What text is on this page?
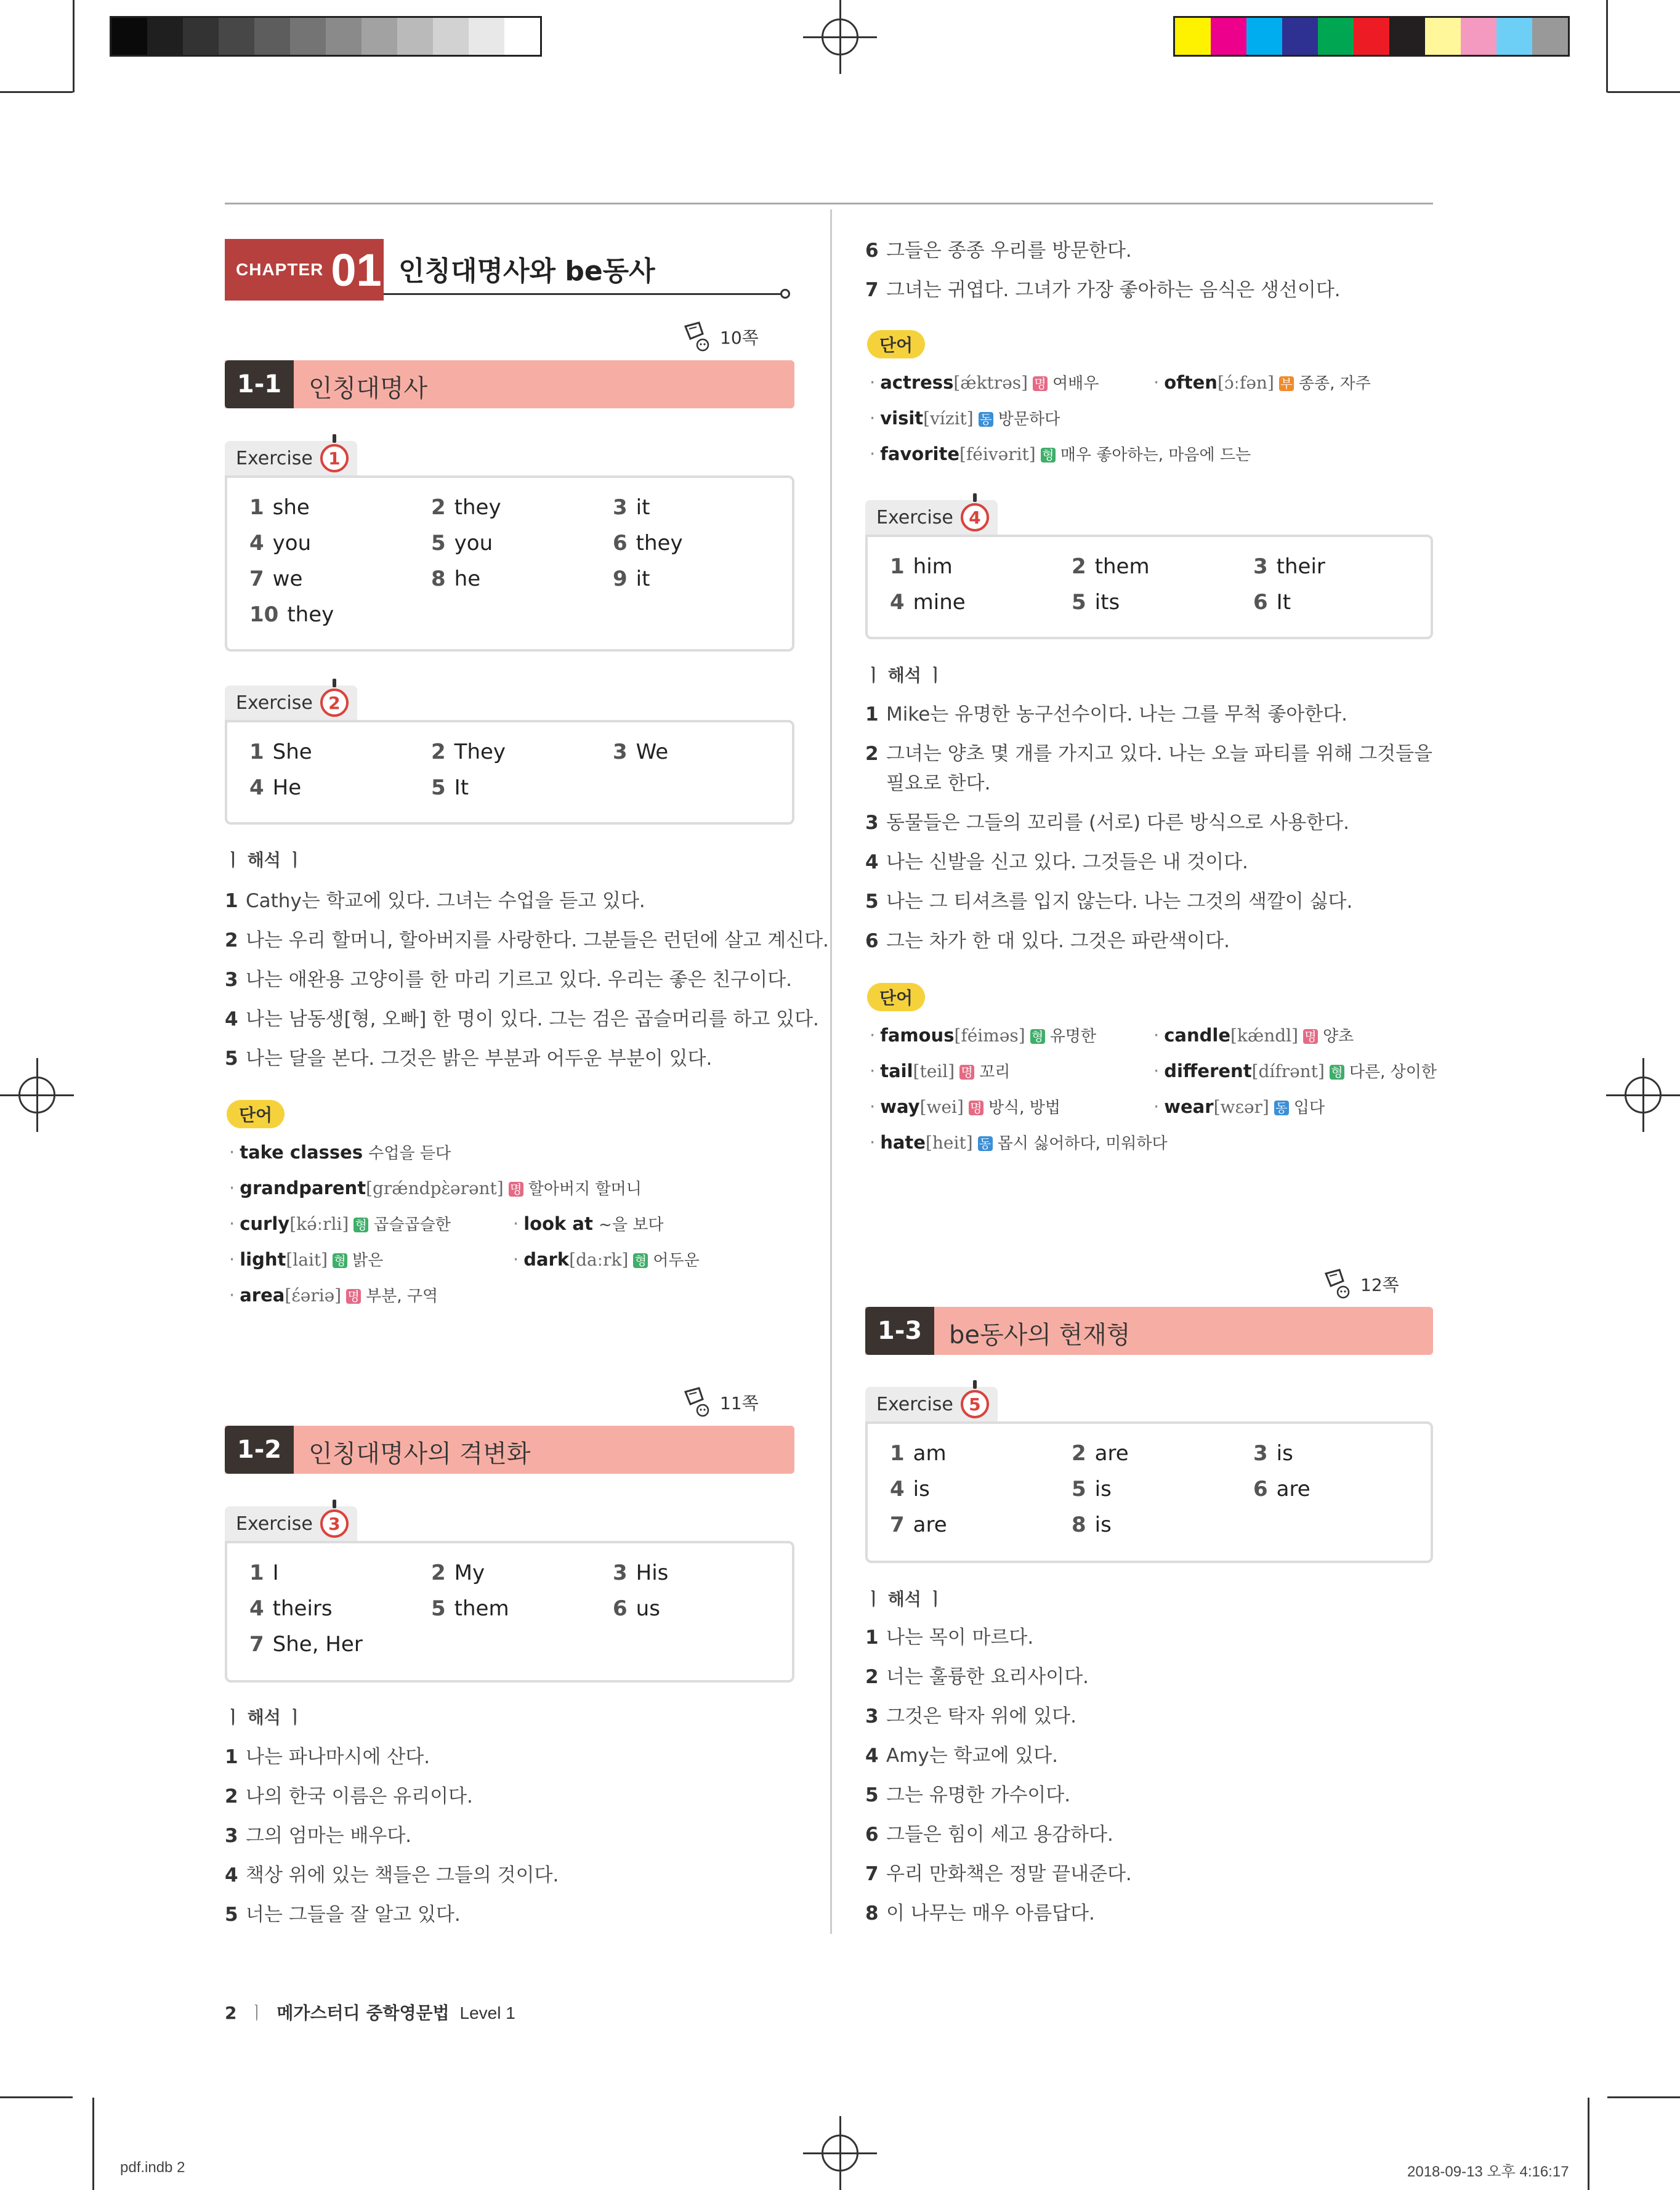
CHAPTER 01 인칭대명사와 be동사
10쪽
1-1	인칭대명사
Exercise 1
1 she	2 they	3 it
4 you	5 you	6 they
7 we	8 he	9 it
10 they
Exercise 2
1 She	2 They	3 We
4 He	5 It
ㅣ 해석 ㅣ
단어
11쪽
1-2	인칭대명사의 격변화
Exercise 3
1 I	2 My	3 His
4 theirs	5 them	6 us
7 She, Her
ㅣ 해석 ㅣ
단어
Exercise 4
1 him	2 them	3 their
4 mine	5 its	6 It
ㅣ 해석 ㅣ
단어
12쪽
1-3	be동사의 현재형
Exercise 5
1 am	2 are	3 is
4 is	5 is	6 are
7 are	8 is
ㅣ 해석 ㅣ
2 ㅣ 메가스터디 중학영문법 Level 1
pdf.indb 2	2018-09-13 오후 4:16:17
1 Cathy는 학교에 있다. 그녀는 수업을 듣고 있다.
2 나는 우리 할머니, 할아버지를 사랑한다. 그분들은 런던에 살고 계신다.
3 나는 애완용 고양이를 한 마리 기르고 있다. 우리는 좋은 친구이다.
4 나는 남동생[형, 오빠] 한 명이 있다. 그는 검은 곱슬머리를 하고 있다.
5 나는 달을 본다. 그것은 밝은 부분과 어두운 부분이 있다.
1 나는 파나마시에 산다.
2 나의 한국 이름은 유리이다.
3 그의 엄마는 배우다.
4 책상 위에 있는 책들은 그들의 것이다.
5 너는 그들을 잘 알고 있다.
6 그들은 종종 우리를 방문한다.
7 그녀는 귀엽다. 그녀가 가장 좋아하는 음식은 생선이다.
1 Mike는 유명한 농구선수이다. 나는 그를 무척 좋아한다.
2 그녀는 양초 몇 개를 가지고 있다. 나는 오늘 파티를 위해 그것들을
필요로 한다.
3 동물들은 그들의 꼬리를 (서로) 다른 방식으로 사용한다.
4 나는 신발을 신고 있다. 그것들은 내 것이다.
5 나는 그 티셔츠를 입지 않는다. 나는 그것의 색깔이 싫다.
6 그는 차가 한 대 있다. 그것은 파란색이다.
1 나는 목이 마르다.
2 너는 훌륭한 요리사이다.
3 그것은 탁자 위에 있다.
4 Amy는 학교에 있다.
5 그는 유명한 가수이다.
6 그들은 힘이 세고 용감하다.
7 우리 만화책은 정말 끝내준다.
8 이 나무는 매우 아름답다.
· take classes 수업을 듣다
· grandparent[grǽndpɛ̀ərənt] 명 할아버지 할머니
· curly[kə́ːrli] 형 곱슬곱슬한	· look at ~을 보다
· light[lait] 형 밝은	· dark[daːrk] 형 어두운
· area[ɛ́əriə] 명 부분, 구역
· actress[ǽktrəs] 명 여배우	· often[ɔ́ːfən] 부 종종, 자주
· visit[vízit] 동 방문하다
· favorite[féivərit] 형 매우 좋아하는, 마음에 드는
· famous[féiməs] 형 유명한	· candle[kǽndl] 명 양초
· tail[teil] 명 꼬리	· different[dífrənt] 형 다른, 상이한
· way[wei] 명 방식, 방법	· wear[wɛər] 동 입다
· hate[heit] 동 몹시 싫어하다, 미워하다
